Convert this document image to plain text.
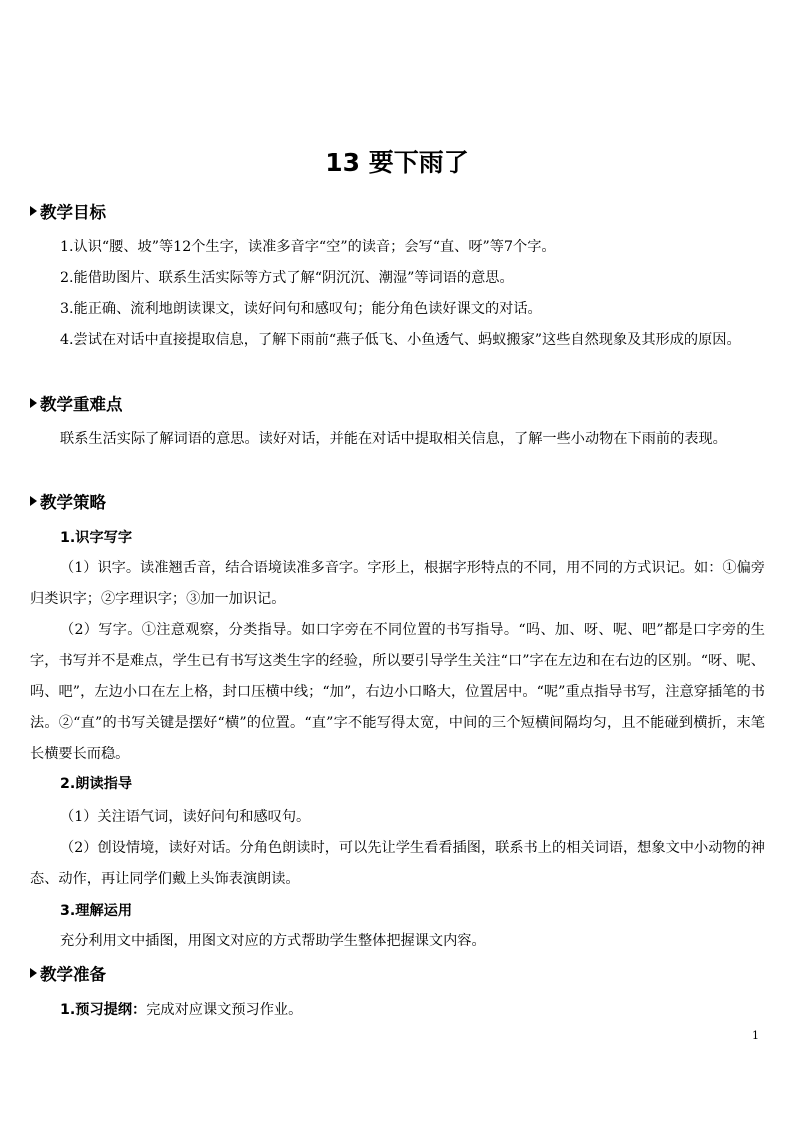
13 要下雨了
教学目标
1.认识“腰、坡”等12个生字，读准多音字“空”的读音；会写“直、呀”等7个字。
2.能借助图片、联系生活实际等方式了解“阴沉沉、潮湿”等词语的意思。
3.能正确、流利地朗读课文，读好问句和感叹句；能分角色读好课文的对话。
4.尝试在对话中直接提取信息，了解下雨前“燕子低飞、小鱼透气、蚂蚁搬家”这些自然现象及其形成的原因。
教学重难点
联系生活实际了解词语的意思。读好对话，并能在对话中提取相关信息，了解一些小动物在下雨前的表现。
教学策略
1.识字写字
（1）识字。读准翘舌音，结合语境读准多音字。字形上，根据字形特点的不同，用不同的方式识记。如：①偏旁归类识字；②字理识字；③加一加识记。
（2）写字。①注意观察，分类指导。如口字旁在不同位置的书写指导。“吗、加、呀、呢、吧”都是口字旁的生字，书写并不是难点，学生已有书写这类生字的经验，所以要引导学生关注“口”字在左边和在右边的区别。“呀、呢、吗、吧”，左边小口在左上格，封口压横中线；“加”，右边小口略大，位置居中。“呢”重点指导书写，注意穿插笔的书法。②“直”的书写关键是摆好“横”的位置。“直”字不能写得太宽，中间的三个短横间隔均匀，且不能碰到横折，末笔长横要长而稳。
2.朗读指导
（1）关注语气词，读好问句和感叹句。
（2）创设情境，读好对话。分角色朗读时，可以先让学生看看插图，联系书上的相关词语，想象文中小动物的神态、动作，再让同学们戴上头饰表演朗读。
3.理解运用
充分利用文中插图，用图文对应的方式帮助学生整体把握课文内容。
教学准备
1.预习提纲：完成对应课文预习作业。
1
